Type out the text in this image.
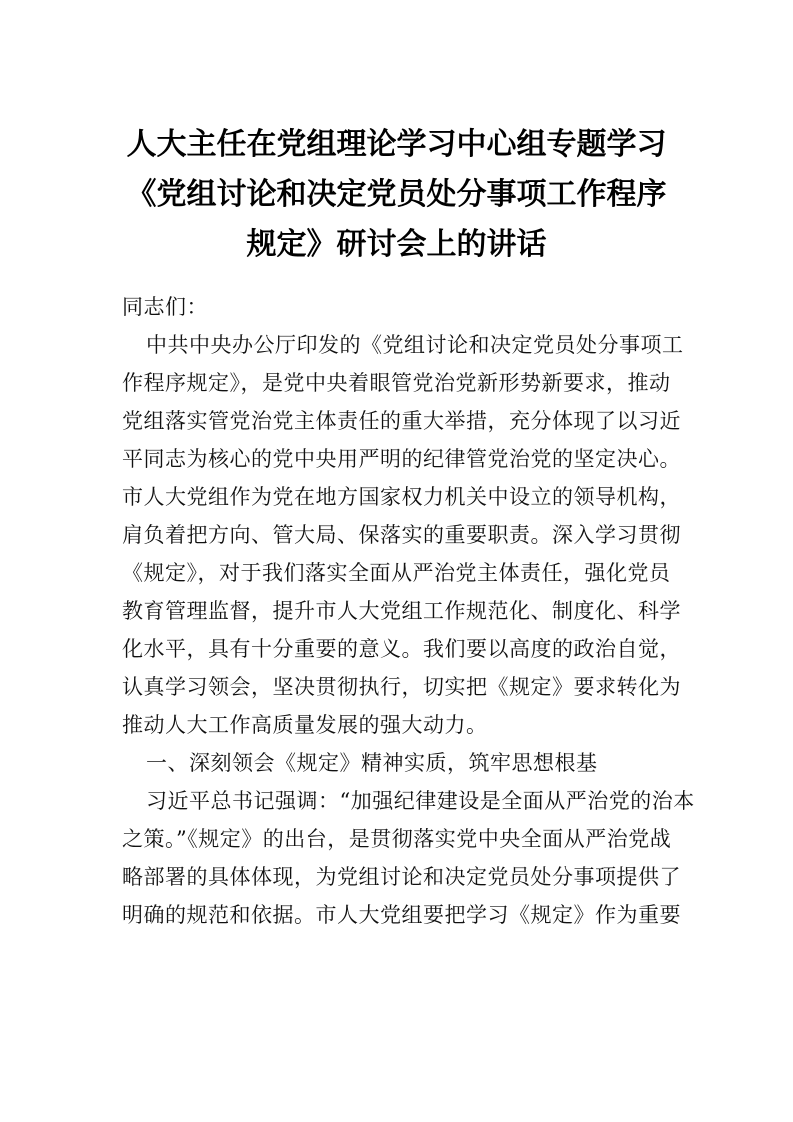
人大主任在党组理论学习中心组专题学习
《党组讨论和决定党员处分事项工作程序
规定》研讨会上的讲话

同志们：

中共中央办公厅印发的《党组讨论和决定党员处分事项工
作程序规定》，是党中央着眼管党治党新形势新要求，推动
党组落实管党治党主体责任的重大举措，充分体现了以习近
平同志为核心的党中央用严明的纪律管党治党的坚定决心。
市人大党组作为党在地方国家权力机关中设立的领导机构，
肩负着把方向、管大局、保落实的重要职责。深入学习贯彻
《规定》，对于我们落实全面从严治党主体责任，强化党员
教育管理监督，提升市人大党组工作规范化、制度化、科学
化水平，具有十分重要的意义。我们要以高度的政治自觉，
认真学习领会，坚决贯彻执行，切实把《规定》要求转化为
推动人大工作高质量发展的强大动力。

一、深刻领会《规定》精神实质，筑牢思想根基

习近平总书记强调：“加强纪律建设是全面从严治党的治本
之策。”《规定》的出台，是贯彻落实党中央全面从严治党战
略部署的具体体现，为党组讨论和决定党员处分事项提供了
明确的规范和依据。市人大党组要把学习《规定》作为重要
